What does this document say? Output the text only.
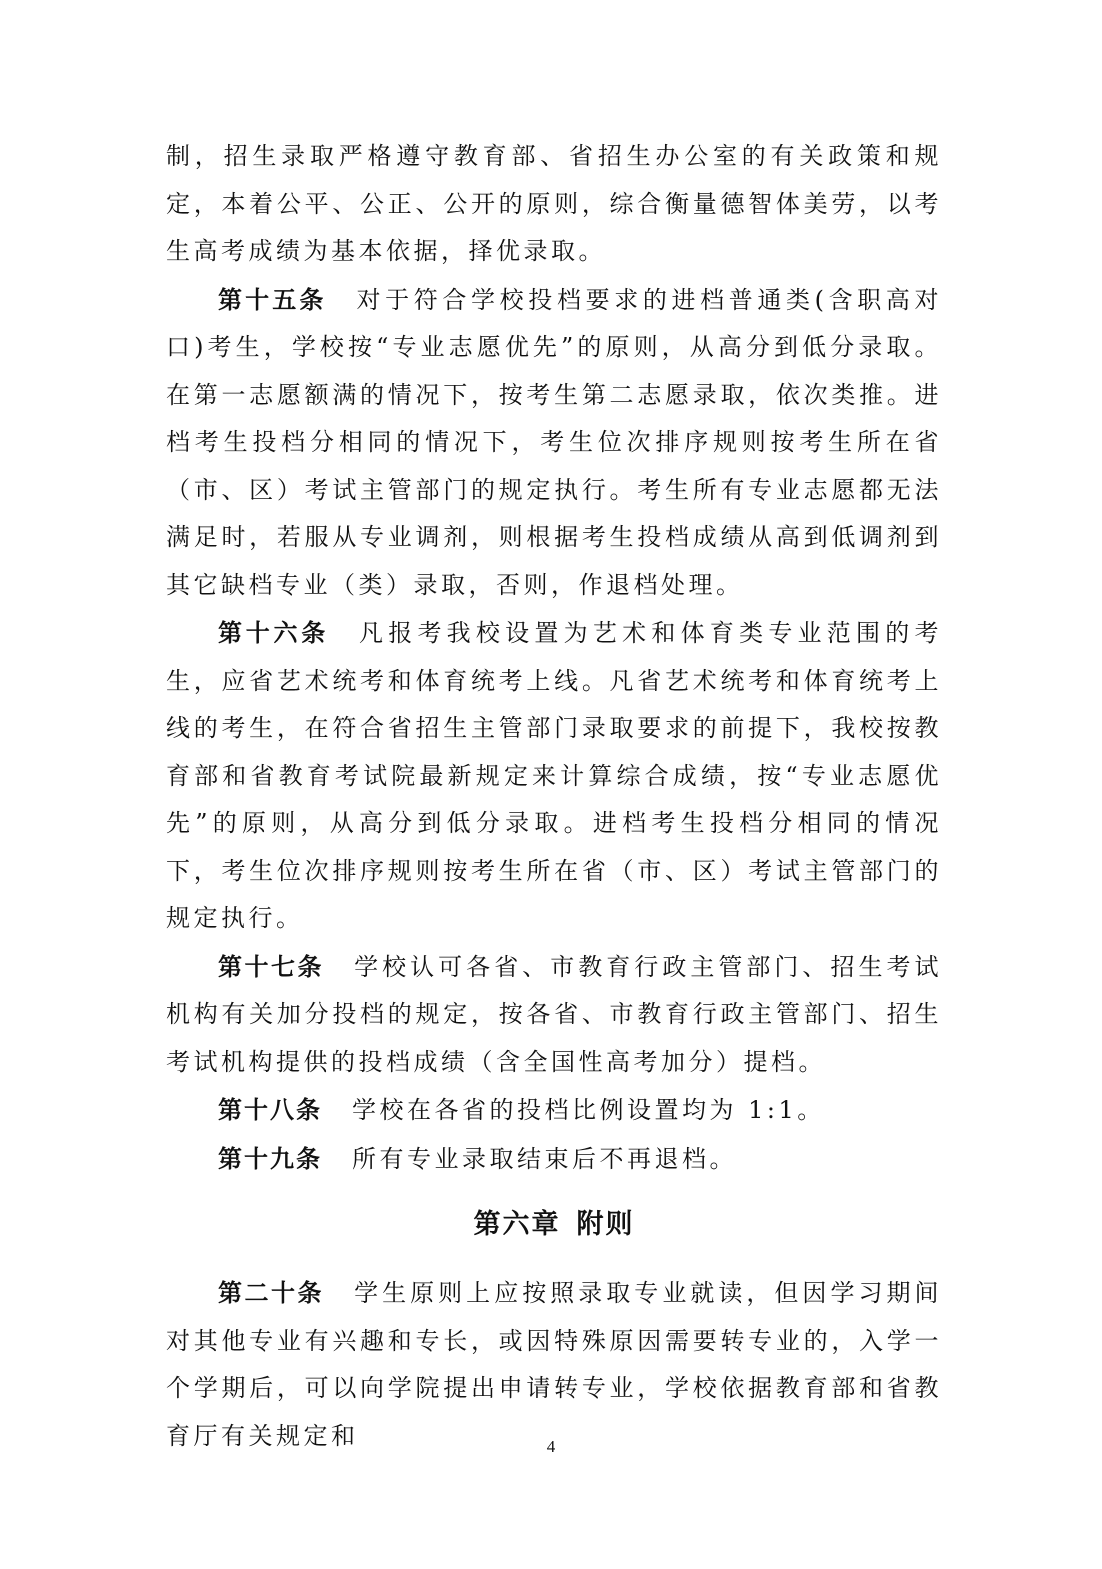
制，招生录取严格遵守教育部、省招生办公室的有关政策和规定，本着公平、公正、公开的原则，综合衡量德智体美劳，以考生高考成绩为基本依据，择优录取。

第十五条 对于符合学校投档要求的进档普通类(含职高对口)考生，学校按“专业志愿优先”的原则，从高分到低分录取。在第一志愿额满的情况下，按考生第二志愿录取，依次类推。进档考生投档分相同的情况下，考生位次排序规则按考生所在省（市、区）考试主管部门的规定执行。考生所有专业志愿都无法满足时，若服从专业调剂，则根据考生投档成绩从高到低调剂到其它缺档专业（类）录取，否则，作退档处理。

第十六条 凡报考我校设置为艺术和体育类专业范围的考生，应省艺术统考和体育统考上线。凡省艺术统考和体育统考上线的考生，在符合省招生主管部门录取要求的前提下，我校按教育部和省教育考试院最新规定来计算综合成绩，按“专业志愿优先”的原则，从高分到低分录取。进档考生投档分相同的情况下，考生位次排序规则按考生所在省（市、区）考试主管部门的规定执行。

第十七条 学校认可各省、市教育行政主管部门、招生考试机构有关加分投档的规定，按各省、市教育行政主管部门、招生考试机构提供的投档成绩（含全国性高考加分）提档。

第十八条 学校在各省的投档比例设置均为 1:1。

第十九条 所有专业录取结束后不再退档。

第六章 附则

第二十条 学生原则上应按照录取专业就读，但因学习期间对其他专业有兴趣和专长，或因特殊原因需要转专业的，入学一个学期后，可以向学院提出申请转专业，学校依据教育部和省教育厅有关规定和	4
